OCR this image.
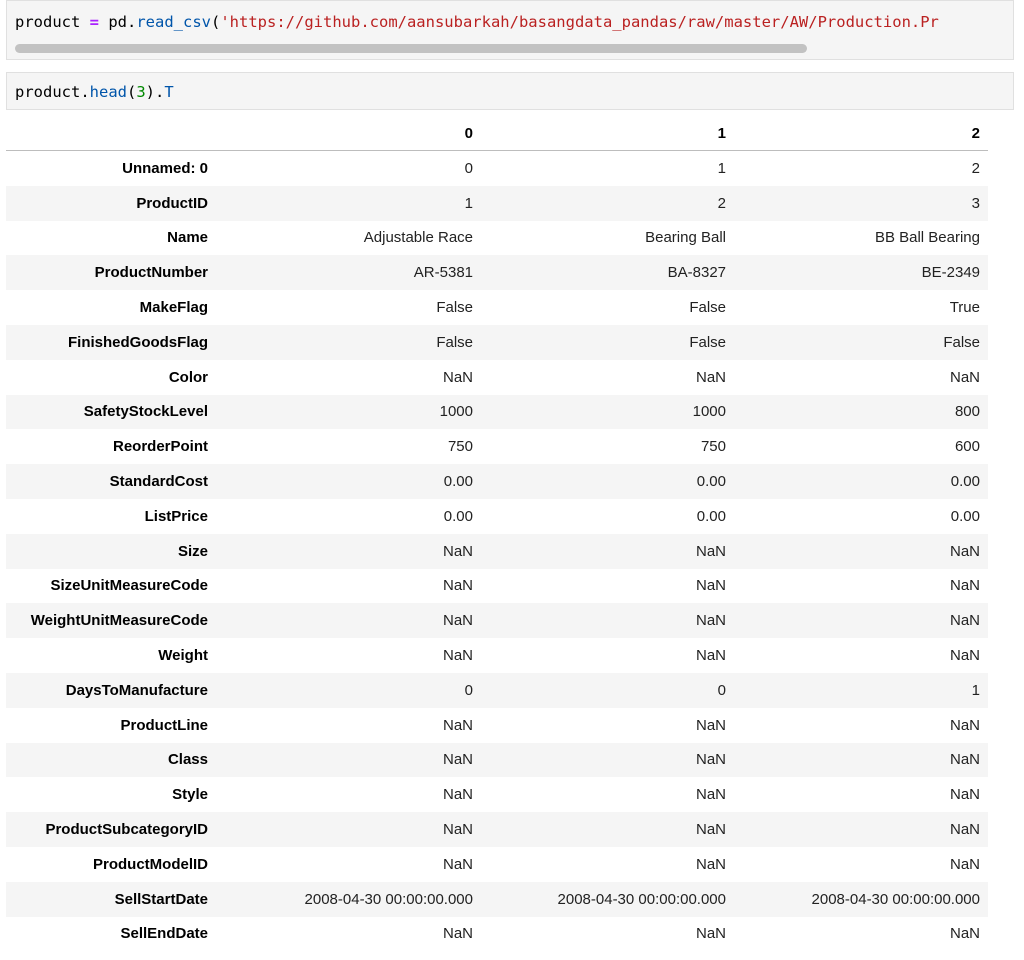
product = pd.read_csv('https://github.com/aansubarkah/basangdata_pandas/raw/master/AW/Production.Pr
product.head(3).T
	0	1	2
Unnamed: 0	0	1	2
ProductID	1	2	3
Name	Adjustable Race	Bearing Ball	BB Ball Bearing
ProductNumber	AR-5381	BA-8327	BE-2349
MakeFlag	False	False	True
FinishedGoodsFlag	False	False	False
Color	NaN	NaN	NaN
SafetyStockLevel	1000	1000	800
ReorderPoint	750	750	600
StandardCost	0.00	0.00	0.00
ListPrice	0.00	0.00	0.00
Size	NaN	NaN	NaN
SizeUnitMeasureCode	NaN	NaN	NaN
WeightUnitMeasureCode	NaN	NaN	NaN
Weight	NaN	NaN	NaN
DaysToManufacture	0	0	1
ProductLine	NaN	NaN	NaN
Class	NaN	NaN	NaN
Style	NaN	NaN	NaN
ProductSubcategoryID	NaN	NaN	NaN
ProductModelID	NaN	NaN	NaN
SellStartDate	2008-04-30 00:00:00.000	2008-04-30 00:00:00.000	2008-04-30 00:00:00.000
SellEndDate	NaN	NaN	NaN
